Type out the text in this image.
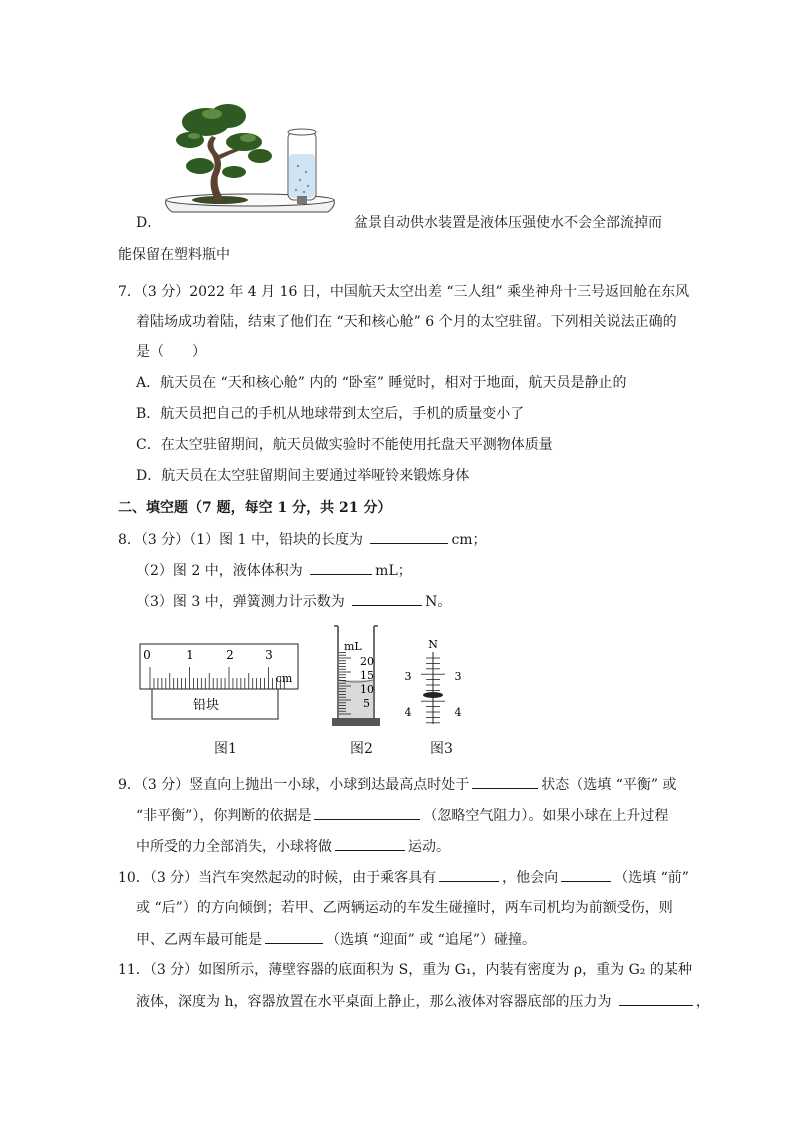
D．	盆景自动供水装置是液体压强使水不会全部流掉而
能保留在塑料瓶中
7．（3 分）2022 年 4 月 16 日，中国航天太空出差 “三人组” 乘坐神舟十三号返回舱在东风
着陆场成功着陆，结束了他们在 “天和核心舱” 6 个月的太空驻留。下列相关说法正确的
是（　　）
A．航天员在 “天和核心舱” 内的 “卧室” 睡觉时，相对于地面，航天员是静止的
B．航天员把自己的手机从地球带到太空后，手机的质量变小了
C．在太空驻留期间，航天员做实验时不能使用托盘天平测物体质量
D．航天员在太空驻留期间主要通过举哑铃来锻炼身体
二、填空题（7 题，每空 1 分，共 21 分）
8．（3 分）（1）图 1 中，铅块的长度为	cm；
（2）图 2 中，液体体积为	mL；
（3）图 3 中，弹簧测力计示数为	N。
0	1	2	3
cm
铅块
图1
mL
20
15
10
5
图2
N
3
4
3
4
图3
9．（3 分）竖直向上抛出一小球，小球到达最高点时处于	状态（选填 “平衡” 或
“非平衡”），你判断的依据是	（忽略空气阻力）。如果小球在上升过程
中所受的力全部消失，小球将做	运动。
10．（3 分）当汽车突然起动的时候，由于乘客具有	，他会向	（选填 “前”
或 “后”）的方向倾倒；若甲、乙两辆运动的车发生碰撞时，两车司机均为前额受伤，则
甲、乙两车最可能是	（选填 “迎面” 或 “追尾”）碰撞。
11．（3 分）如图所示，薄壁容器的底面积为 S，重为 G₁，内装有密度为 ρ，重为 G₂ 的某种
液体，深度为 h，容器放置在水平桌面上静止，那么液体对容器底部的压力为	，
